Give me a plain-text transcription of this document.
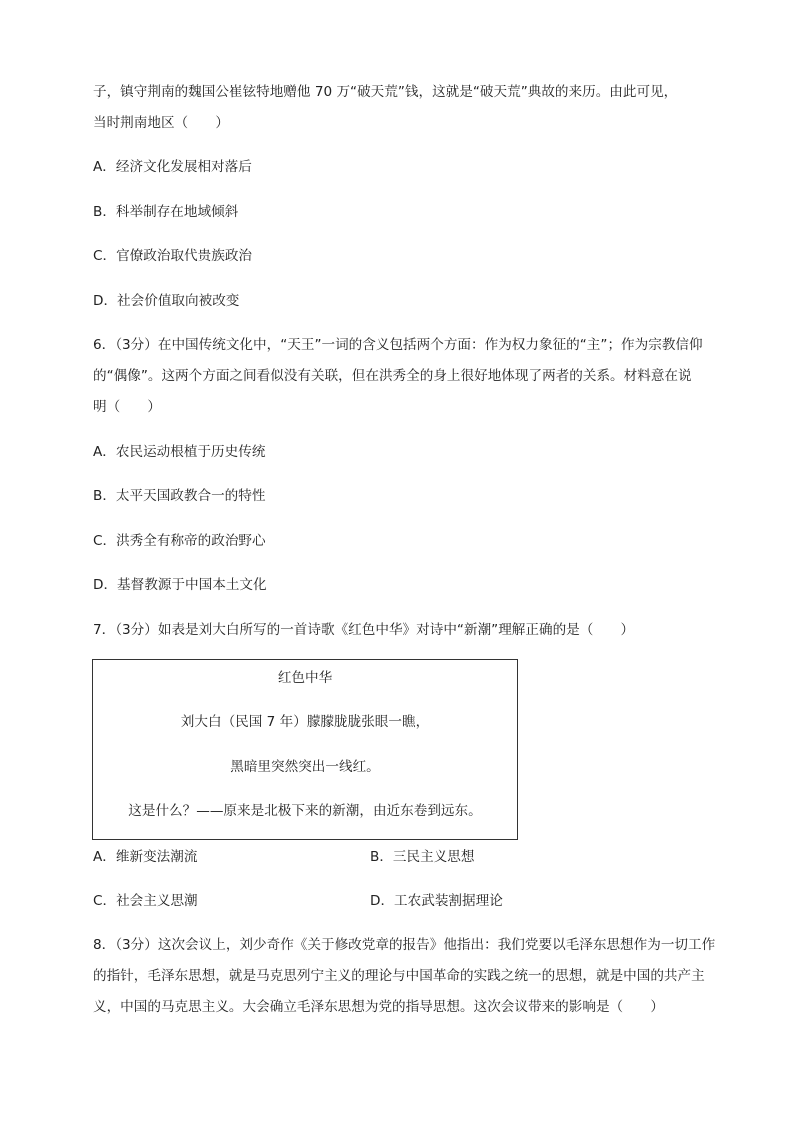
子，镇守荆南的魏国公崔铉特地赠他 70 万“破天荒”钱，这就是“破天荒”典故的来历。由此可见，
当时荆南地区（　　）
A．经济文化发展相对落后
B．科举制存在地域倾斜
C．官僚政治取代贵族政治
D．社会价值取向被改变
6．（3分）在中国传统文化中，“天王”一词的含义包括两个方面：作为权力象征的“主”；作为宗教信仰
的“偶像”。这两个方面之间看似没有关联，但在洪秀全的身上很好地体现了两者的关系。材料意在说
明（　　）
A．农民运动根植于历史传统
B．太平天国政教合一的特性
C．洪秀全有称帝的政治野心
D．基督教源于中国本土文化
7．（3分）如表是刘大白所写的一首诗歌《红色中华》对诗中“新潮”理解正确的是（　　）
红色中华
刘大白（民国 7 年）朦朦胧胧张眼一瞧，
黑暗里突然突出一线红。
这是什么？——原来是北极下来的新潮，由近东卷到远东。
A．维新变法潮流	B．三民主义思想
C．社会主义思潮	D．工农武装割据理论
8．（3分）这次会议上，刘少奇作《关于修改党章的报告》他指出：我们党要以毛泽东思想作为一切工作
的指针，毛泽东思想，就是马克思列宁主义的理论与中国革命的实践之统一的思想，就是中国的共产主
义，中国的马克思主义。大会确立毛泽东思想为党的指导思想。这次会议带来的影响是（　　）
